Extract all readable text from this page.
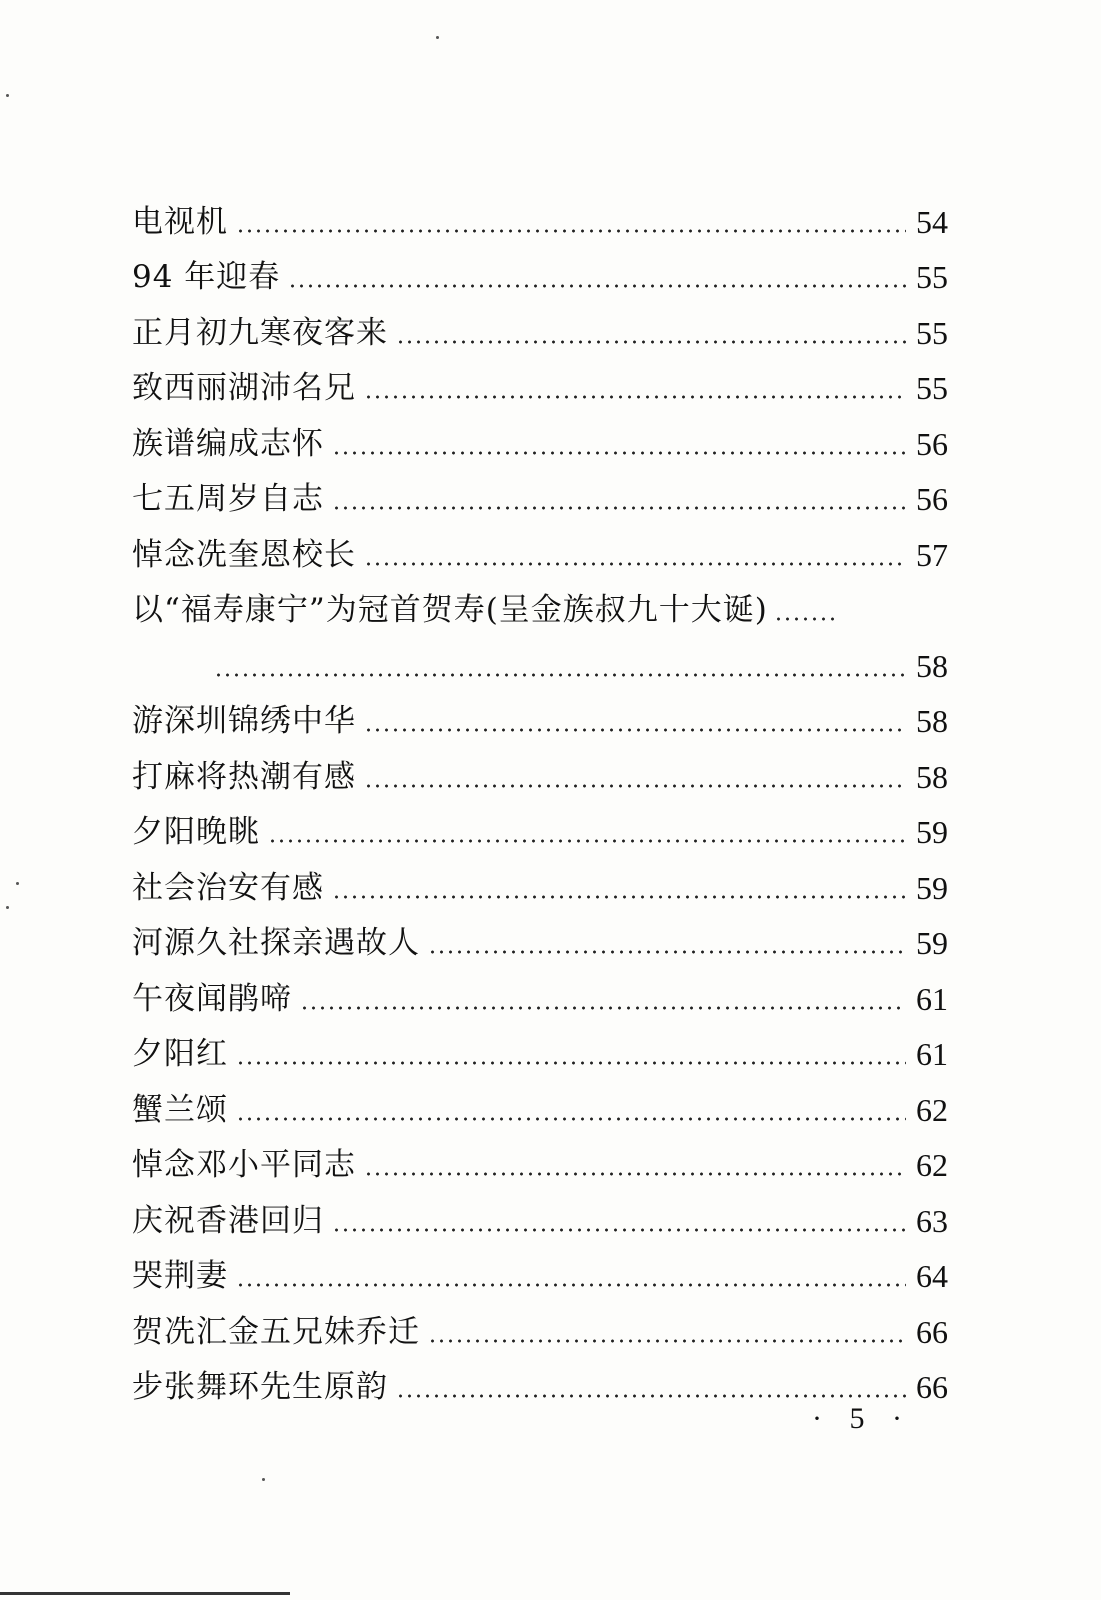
电视机	54
94 年迎春	55
正月初九寒夜客来	55
致西丽湖沛名兄	55
族谱编成志怀	56
七五周岁自志	56
悼念冼奎恩校长	57
以“福寿康宁”为冠首贺寿(呈金族叔九十大诞)
58
游深圳锦绣中华	58
打麻将热潮有感	58
夕阳晚眺	59
社会治安有感	59
河源久社探亲遇故人	59
午夜闻鹃啼	61
夕阳红	61
蟹兰颂	62
悼念邓小平同志	62
庆祝香港回归	63
哭荆妻	64
贺冼汇金五兄妹乔迁	66
步张舞环先生原韵	66
· 5 ·
